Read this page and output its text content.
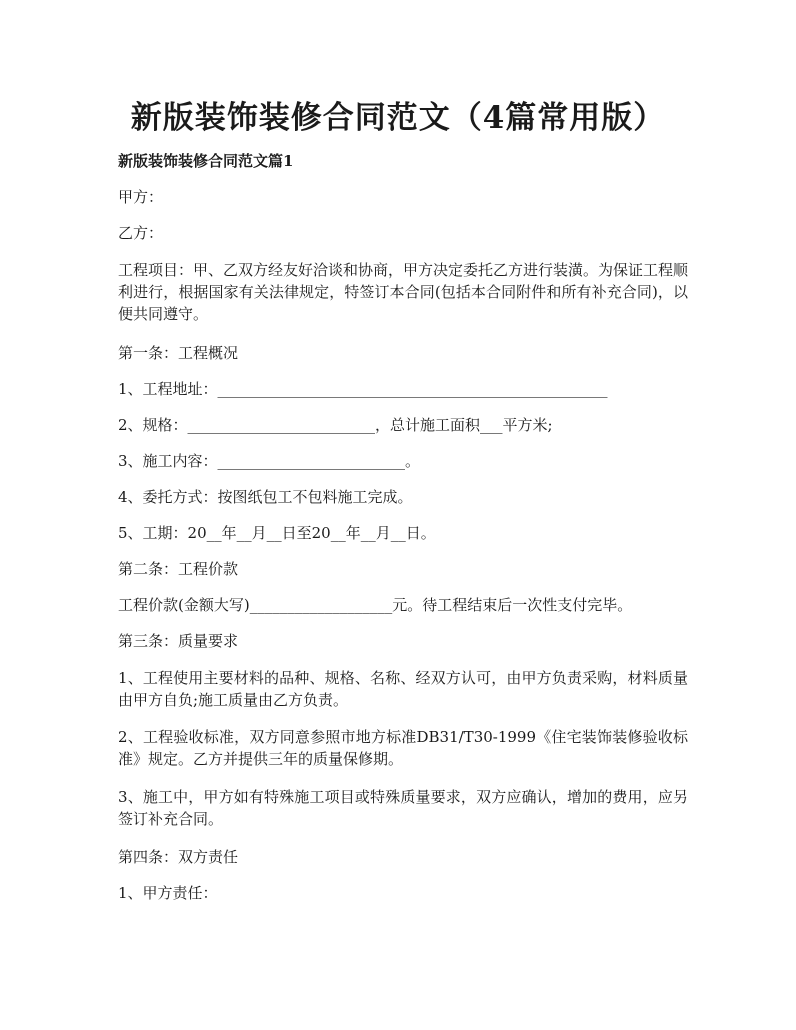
新版装饰装修合同范文（4篇常用版）
新版装饰装修合同范文篇1
甲方：
乙方：
工程项目：甲、乙双方经友好洽谈和协商，甲方决定委托乙方进行装潢。为保证工程顺利进行，根据国家有关法律规定，特签订本合同(包括本合同附件和所有补充合同)，以便共同遵守。
第一条：工程概况
1、工程地址：____________________________________________________
2、规格：_________________________，总计施工面积___平方米;
3、施工内容：_________________________。
4、委托方式：按图纸包工不包料施工完成。
5、工期：20__年__月__日至20__年__月__日。
第二条：工程价款
工程价款(金额大写)___________________元。待工程结束后一次性支付完毕。
第三条：质量要求
1、工程使用主要材料的品种、规格、名称、经双方认可，由甲方负责采购，材料质量由甲方自负;施工质量由乙方负责。
2、工程验收标准，双方同意参照市地方标准DB31/T30-1999《住宅装饰装修验收标准》规定。乙方并提供三年的质量保修期。
3、施工中，甲方如有特殊施工项目或特殊质量要求，双方应确认，增加的费用，应另签订补充合同。
第四条：双方责任
1、甲方责任：
